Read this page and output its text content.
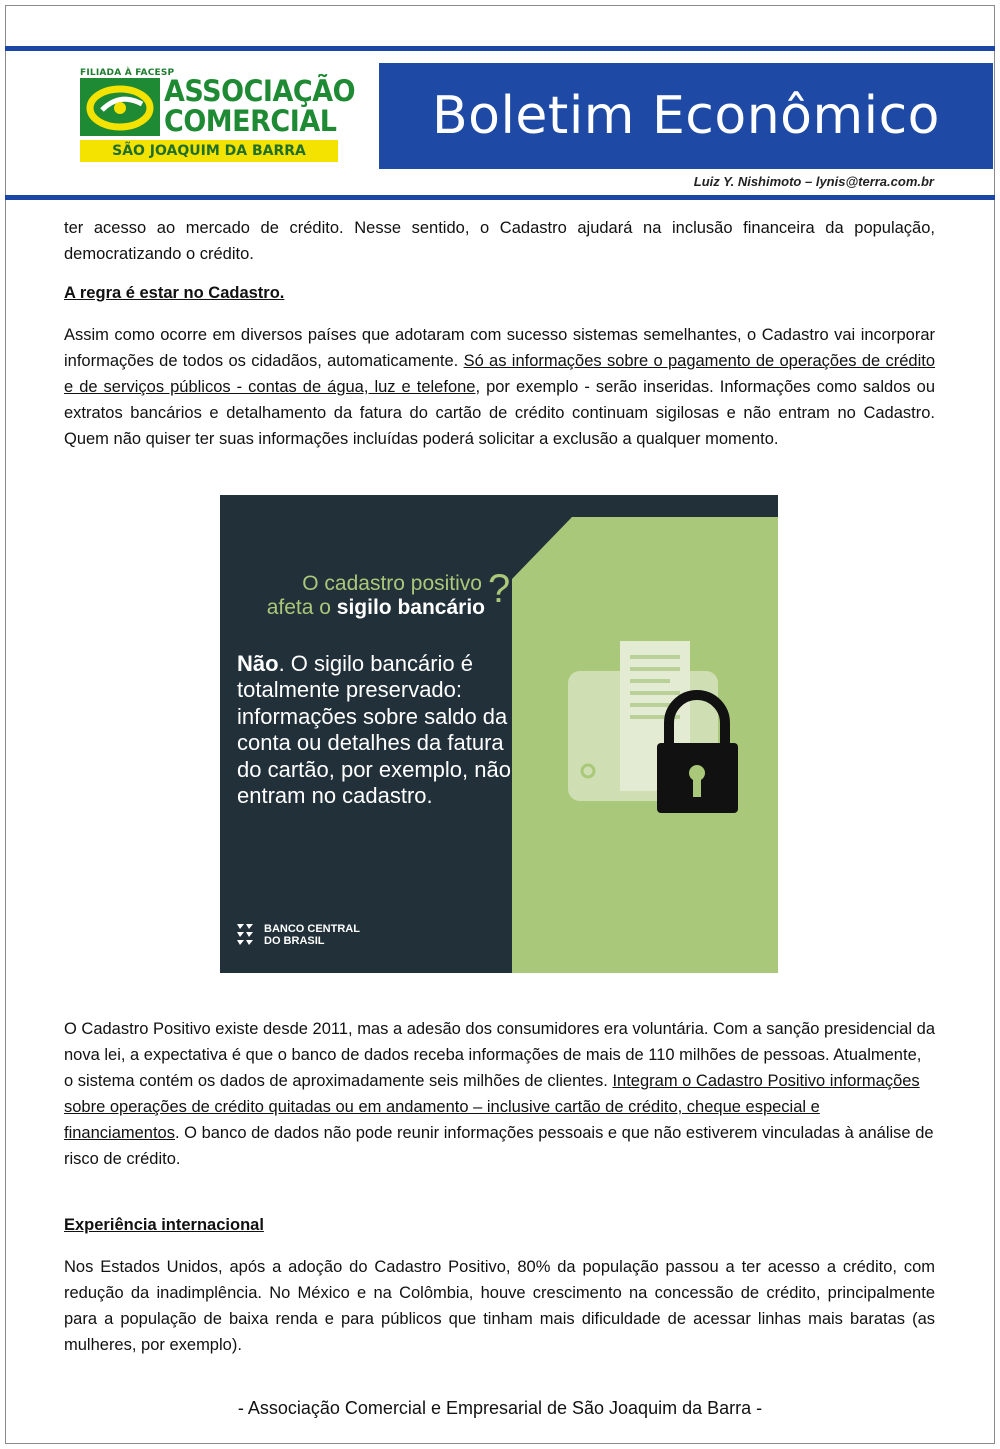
FILIADA À FACESP
ASSOCIAÇÃO
COMERCIAL
SÃO JOAQUIM DA BARRA
Boletim Econômico
Luiz Y. Nishimoto – lynis@terra.com.br
ter acesso ao mercado de crédito. Nesse sentido, o Cadastro ajudará na inclusão financeira da população, democratizando o crédito.
A regra é estar no Cadastro.
Assim como ocorre em diversos países que adotaram com sucesso sistemas semelhantes, o Cadastro vai incorporar informações de todos os cidadãos, automaticamente. Só as informações sobre o pagamento de operações de crédito e de serviços públicos - contas de água, luz e telefone, por exemplo - serão inseridas. Informações como saldos ou extratos bancários e detalhamento da fatura do cartão de crédito continuam sigilosas e não entram no Cadastro. Quem não quiser ter suas informações incluídas poderá solicitar a exclusão a qualquer momento.
O cadastro positivo
afeta o sigilo bancário ?
Não. O sigilo bancário é totalmente preservado: informações sobre saldo da conta ou detalhes da fatura do cartão, por exemplo, não entram no cadastro.
BANCO CENTRAL
DO BRASIL
O Cadastro Positivo existe desde 2011, mas a adesão dos consumidores era voluntária. Com a sanção presidencial da nova lei, a expectativa é que o banco de dados receba informações de mais de 110 milhões de pessoas. Atualmente, o sistema contém os dados de aproximadamente seis milhões de clientes. Integram o Cadastro Positivo informações sobre operações de crédito quitadas ou em andamento – inclusive cartão de crédito, cheque especial e financiamentos. O banco de dados não pode reunir informações pessoais e que não estiverem vinculadas à análise de risco de crédito.
Experiência internacional
Nos Estados Unidos, após a adoção do Cadastro Positivo, 80% da população passou a ter acesso a crédito, com redução da inadimplência. No México e na Colômbia, houve crescimento na concessão de crédito, principalmente para a população de baixa renda e para públicos que tinham mais dificuldade de acessar linhas mais baratas (as mulheres, por exemplo).
- Associação Comercial e Empresarial de São Joaquim da Barra -
